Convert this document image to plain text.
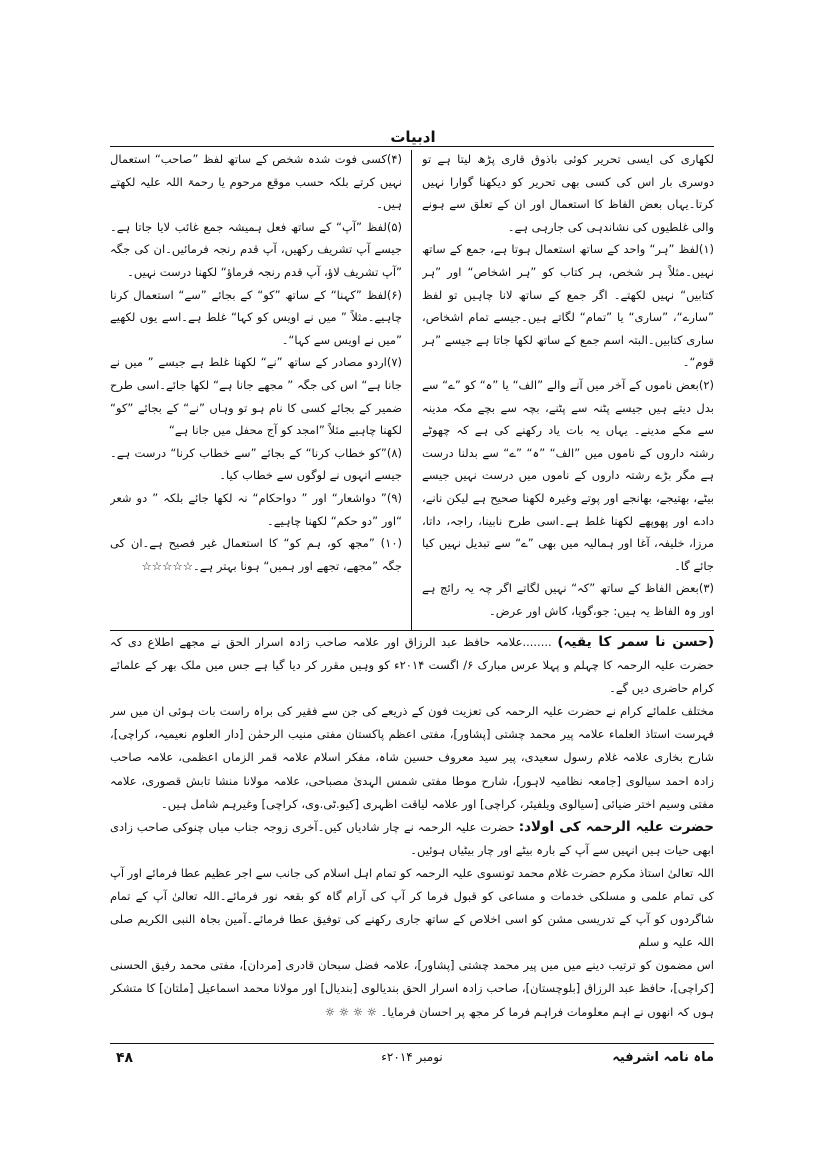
ادبیات

لکھاری کی ایسی تحریر کوئی باذوق قاری پڑھ لیتا ہے تو دوسری بار اس کی کسی بھی تحریر کو دیکھنا گوارا نہیں کرتا۔یہاں بعض الفاظ کا استعمال اور ان کے تعلق سے ہونے والی غلطیوں کی نشاندہی کی جارہی ہے۔

(۱)لفظ ”ہر“ واحد کے ساتھ استعمال ہوتا ہے، جمع کے ساتھ نہیں۔مثلاً ہر شخص، ہر کتاب کو ”ہر اشخاص“ اور ”ہر کتابیں“ نہیں لکھتے۔ اگر جمع کے ساتھ لانا چاہیں تو لفظ ”سارے“، ”ساری“ یا ”تمام“ لگاتے ہیں۔جیسے تمام اشخاص، ساری کتابیں۔البتہ اسم جمع کے ساتھ لکھا جاتا ہے جیسے ”ہر قوم“۔

(۲)بعض ناموں کے آخر میں آنے والے ”الف“ یا ”ہ“ کو ”ے“ سے بدل دیتے ہیں جیسے پٹنہ سے پٹنے، بچہ سے بچے مکہ مدینہ سے مکے مدینے۔ یہاں یہ بات یاد رکھنے کی ہے کہ چھوٹے رشتہ داروں کے ناموں میں ”الف“ ”ہ“ ”ے“ سے بدلنا درست ہے مگر بڑے رشتہ داروں کے ناموں میں درست نہیں جیسے بیٹے، بھتیجے، بھانجے اور پوتے وغیرہ لکھنا صحیح ہے لیکن نانے، دادے اور پھوپھے لکھنا غلط ہے۔اسی طرح نابینا، راجہ، داتا، مرزا، خلیفہ، آغا اور ہمالیہ میں بھی ”ے“ سے تبدیل نہیں کیا جائے گا۔

(۳)بعض الفاظ کے ساتھ ”کہ“ نہیں لگاتے اگر چہ یہ رائج ہے اور وہ الفاظ یہ ہیں: جو،گویا، کاش اور عرض۔

(۴)کسی فوت شدہ شخص کے ساتھ لفظ ”صاحب“ استعمال نہیں کرتے بلکہ حسب موقع مرحوم یا رحمۃ اللہ علیہ لکھتے ہیں۔

(۵)لفظ ”آپ“ کے ساتھ فعل ہمیشہ جمع غائب لایا جاتا ہے۔جیسے آپ تشریف رکھیں، آپ قدم رنجہ فرمائیں۔ان کی جگہ ”آپ تشریف لاؤ، آپ قدم رنجہ فرماؤ“ لکھنا درست نہیں۔

(۶)لفظ ”کہنا“ کے ساتھ ”کو“ کے بجائے ”سے“ استعمال کرنا چاہیے۔مثلاً ” میں نے اویس کو کہا“ غلط ہے۔اسے یوں لکھیے ”میں نے اویس سے کہا“۔

(۷)اردو مصادر کے ساتھ ”نے“ لکھنا غلط ہے جیسے ” میں نے جانا ہے“ اس کی جگہ ” مجھے جانا ہے“ لکھا جائے۔اسی طرح ضمیر کے بجائے کسی کا نام ہو تو وہاں ”نے“ کے بجائے ”کو“ لکھنا چاہیے مثلاً ”امجد کو آج محفل میں جانا ہے“

(۸)”کو خطاب کرنا“ کے بجائے ”سے خطاب کرنا“ درست ہے۔جیسے انہوں نے لوگوں سے خطاب کیا۔

(۹)” دواشعار“ اور ” دواحکام“ نہ لکھا جائے بلکہ ” دو شعر “اور ”دو حکم“ لکھنا چاہیے۔

(۱۰) ”مجھ کو، ہم کو“ کا استعمال غیر فصیح ہے۔ان کی جگہ ”مجھے، تجھے اور ہمیں“ ہونا بہتر ہے۔☆☆☆☆☆

(حسن نا سمر کا یقیہ) ........علامہ حافظ عبد الرزاق اور علامہ صاحب زادہ اسرار الحق نے مجھے اطلاع دی کہ حضرت علیہ الرحمہ کا چہلم و پہلا عرس مبارک ۶/ اگست ۲۰۱۴ء کو وہیں مقرر کر دیا گیا ہے جس میں ملک بھر کے علمائے کرام حاضری دیں گے۔

مختلف علمائے کرام نے حضرت علیہ الرحمہ کی تعزیت فون کے ذریعے کی جن سے فقیر کی براہ راست بات ہوئی ان میں سر فہرست استاذ العلماء علامہ پیر محمد چشتی [پشاور]، مفتی اعظم پاکستان مفتی منیب الرحمٰن [دار العلوم نعیمیہ، کراچی]، شارح بخاری علامہ غلام رسول سعیدی، پیر سید معروف حسین شاہ، مفکر اسلام علامہ قمر الزماں اعظمی، علامہ صاحب زادہ احمد سیالوی [جامعہ نظامیہ لاہور]، شارح موطا مفتی شمس الہدیٰ مصباحی، علامہ مولانا منشا تابش قصوری، علامہ مفتی وسیم اختر ضیائی [سیالوی ویلفیئر، کراچی] اور علامہ لیاقت اظہری [کیو.ٹی.وی، کراچی] وغیرہم شامل ہیں۔

حضرت علیہ الرحمہ کی اولاد: حضرت علیہ الرحمہ نے چار شادیاں کیں۔آخری زوجہ جناب میاں چنوکی صاحب زادی ابھی حیات ہیں انہیں سے آپ کے بارہ بیٹے اور چار بیٹیاں ہوئیں۔

اللہ تعالیٰ استاذ مکرم حضرت غلام محمد تونسوی علیہ الرحمہ کو تمام اہل اسلام کی جانب سے اجر عظیم عطا فرمائے اور آپ کی تمام علمی و مسلکی خدمات و مساعی کو قبول فرما کر آپ کی آرام گاہ کو بقعہ نور فرمائے۔اللہ تعالیٰ آپ کے تمام شاگردوں کو آپ کے تدریسی مشن کو اسی اخلاص کے ساتھ جاری رکھنے کی توفیق عطا فرمائے۔آمین بجاہ النبی الکریم صلی اللہ علیہ و سلم

اس مضمون کو ترتیب دینے میں میں پیر محمد چشتی [پشاور]، علامہ فضل سبحان قادری [مردان]، مفتی محمد رفیق الحسنی [کراچی]، حافظ عبد الرزاق [بلوچستان]، صاحب زادہ اسرار الحق بندیالوی [بندیال] اور مولانا محمد اسماعیل [ملتان] کا متشکر ہوں کہ انھوں نے اہم معلومات فراہم فرما کر مجھ پر احسان فرمایا۔ ☼ ☼ ☼ ☼

ماہ نامہ اشرفیہ
نومبر ۲۰۱۴ء
۴۸
